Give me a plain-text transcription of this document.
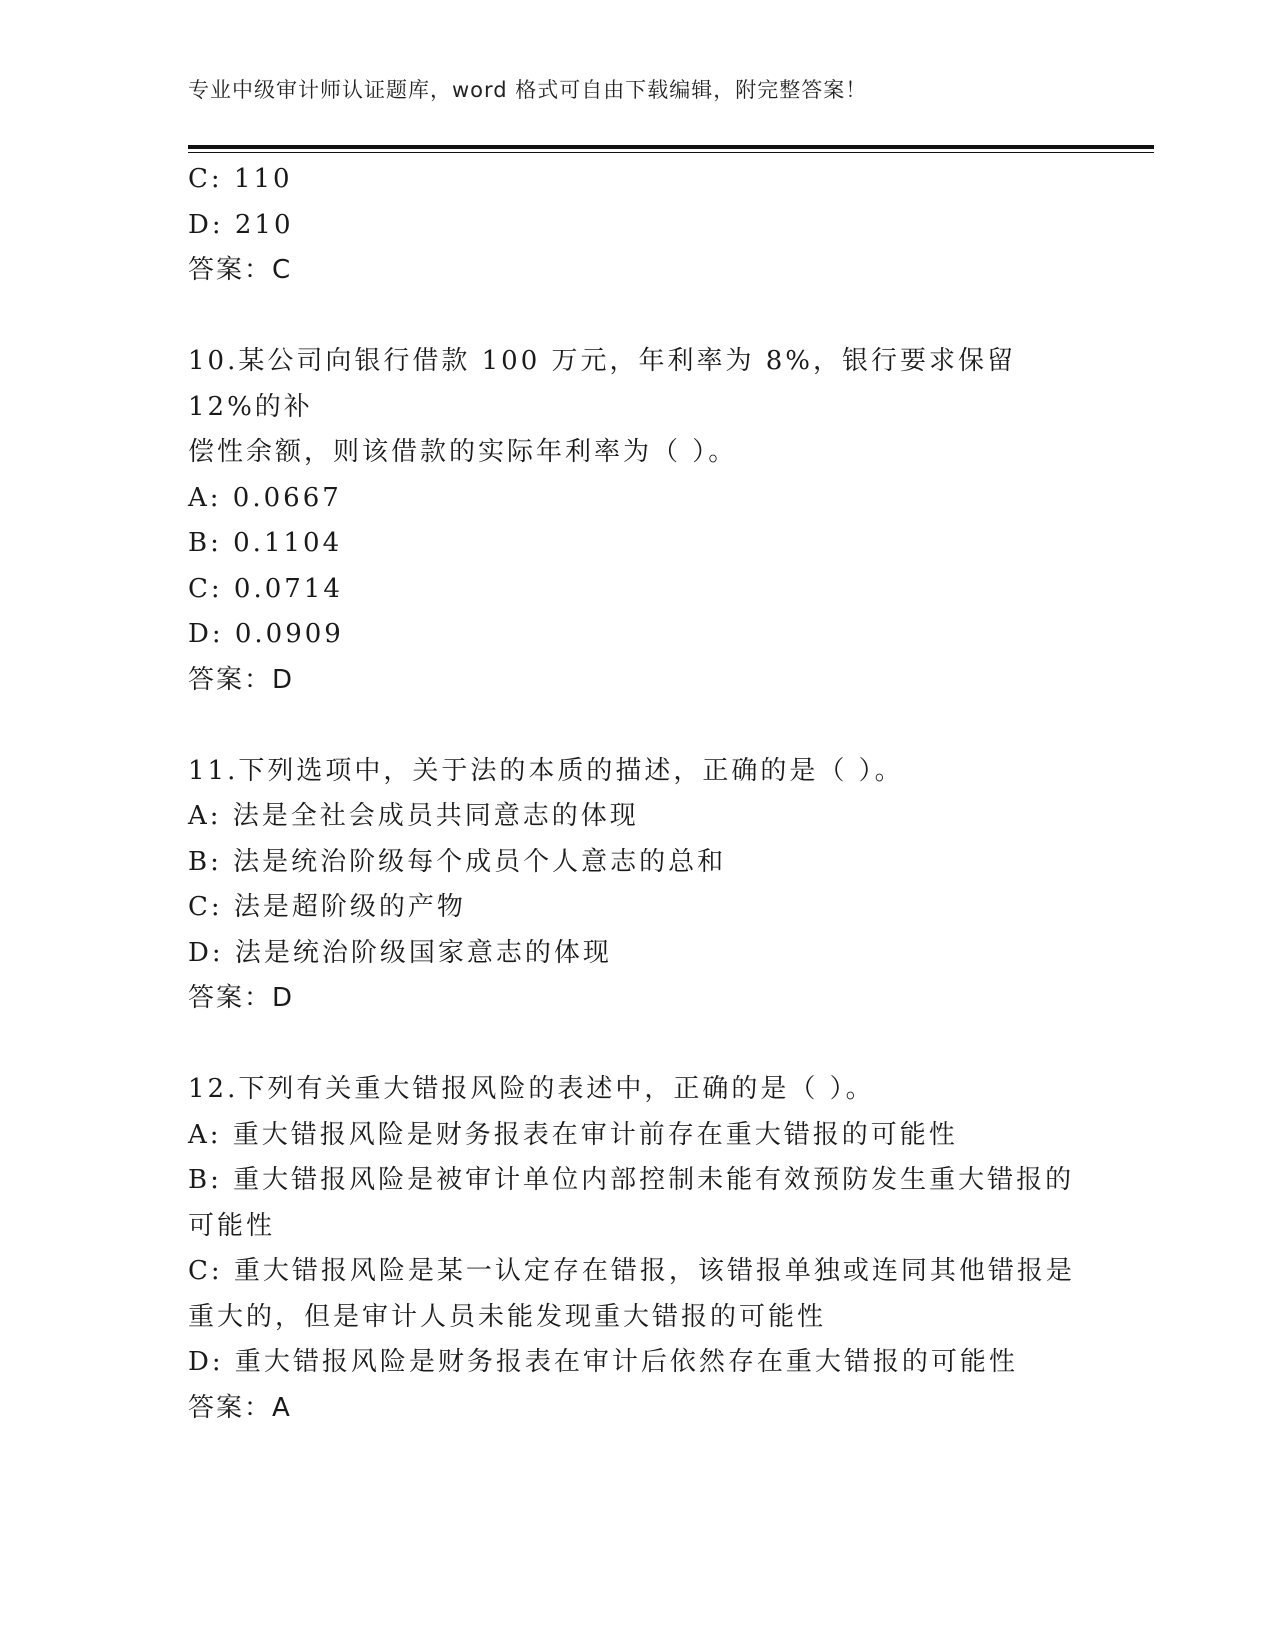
专业中级审计师认证题库，word 格式可自由下载编辑，附完整答案！
C: 110
D: 210
答案：C
10.某公司向银行借款 100 万元，年利率为 8%，银行要求保留 12%的补
偿性余额，则该借款的实际年利率为（ ）。
A: 0.0667
B: 0.1104
C: 0.0714
D: 0.0909
答案：D
11.下列选项中，关于法的本质的描述，正确的是（ ）。
A: 法是全社会成员共同意志的体现
B: 法是统治阶级每个成员个人意志的总和
C: 法是超阶级的产物
D: 法是统治阶级国家意志的体现
答案：D
12.下列有关重大错报风险的表述中，正确的是（ ）。
A: 重大错报风险是财务报表在审计前存在重大错报的可能性
B: 重大错报风险是被审计单位内部控制未能有效预防发生重大错报的
可能性
C: 重大错报风险是某一认定存在错报，该错报单独或连同其他错报是
重大的，但是审计人员未能发现重大错报的可能性
D: 重大错报风险是财务报表在审计后依然存在重大错报的可能性
答案：A
